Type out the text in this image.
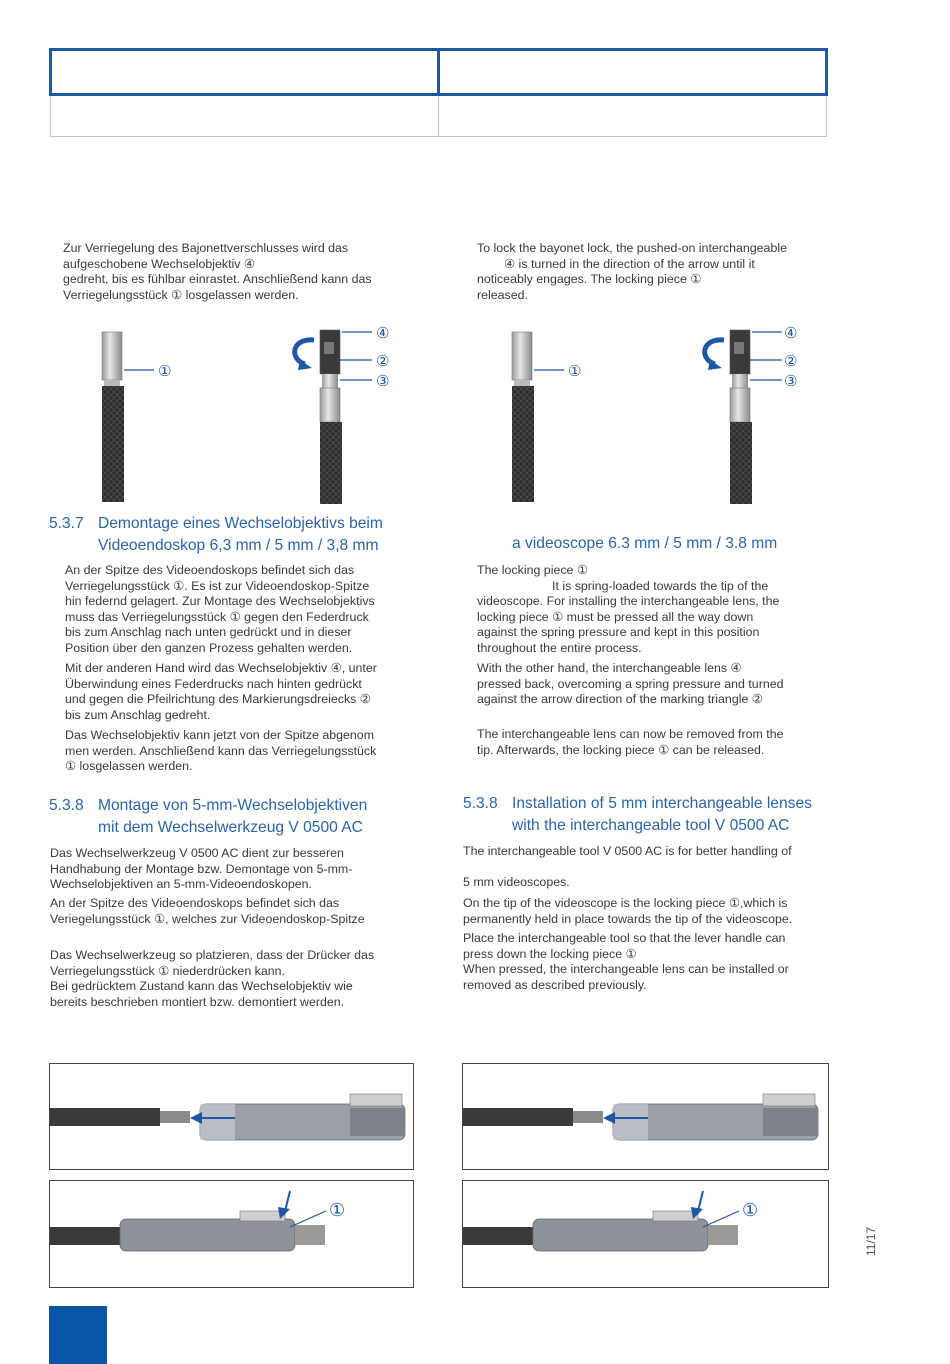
Zur Verriegelung des Bajonettverschlusses wird das
aufgeschobene Wechselobjektiv ④
gedreht, bis es fühlbar einrastet. Anschließend kann das
Verriegelungsstück ① losgelassen werden.
To lock the bayonet lock, the pushed-on interchangeable
④ is turned in the direction of the arrow until it
noticeably engages. The locking piece ①
released.
①
④
②
③
①
④
②
③
5.3.7 Demontage eines Wechselobjektivs beim
Videoendoskop 6,3 mm / 5 mm / 3,8 mm	a videoscope 6.3 mm / 5 mm / 3.8 mm
An der Spitze des Videoendoskops befindet sich das
Verriegelungsstück ①. Es ist zur Videoendoskop-Spitze
hin federnd gelagert. Zur Montage des Wechselobjektivs
muss das Verriegelungsstück ① gegen den Federdruck
bis zum Anschlag nach unten gedrückt und in dieser
Position über den ganzen Prozess gehalten werden.
Mit der anderen Hand wird das Wechselobjektiv ④, unter
Überwindung eines Federdrucks nach hinten gedrückt
und gegen die Pfeilrichtung des Markierungsdreiecks ②
bis zum Anschlag gedreht.
Das Wechselobjektiv kann jetzt von der Spitze abgenom
men werden. Anschließend kann das Verriegelungsstück
① losgelassen werden.
The locking piece ①
It is spring-loaded towards the tip of the
videoscope. For installing the interchangeable lens, the
locking piece ① must be pressed all the way down
against the spring pressure and kept in this position
throughout the entire process.
With the other hand, the interchangeable lens ④
pressed back, overcoming a spring pressure and turned
against the arrow direction of the marking triangle ②
The interchangeable lens can now be removed from the
tip. Afterwards, the locking piece ① can be released.
5.3.8 Montage von 5-mm-Wechselobjektiven
mit dem Wechselwerkzeug V 0500 AC
5.3.8 Installation of 5 mm interchangeable lenses
with the interchangeable tool V 0500 AC
Das Wechselwerkzeug V 0500 AC dient zur besseren
Handhabung der Montage bzw. Demontage von 5-mm-
Wechselobjektiven an 5-mm-Videoendoskopen.
An der Spitze des Videoendoskops befindet sich das
Veriegelungsstück ①, welches zur Videoendoskop-Spitze
Das Wechselwerkzeug so platzieren, dass der Drücker das
Verriegelungsstück ① niederdrücken kann.
Bei gedrücktem Zustand kann das Wechselobjektiv wie
bereits beschrieben montiert bzw. demontiert werden.
The interchangeable tool V 0500 AC is for better handling of
5 mm videoscopes.
On the tip of the videoscope is the locking piece ①,which is
permanently held in place towards the tip of the videoscope.
Place the interchangeable tool so that the lever handle can
press down the locking piece ①
When pressed, the interchangeable lens can be installed or
removed as described previously.
①	①
11/17
